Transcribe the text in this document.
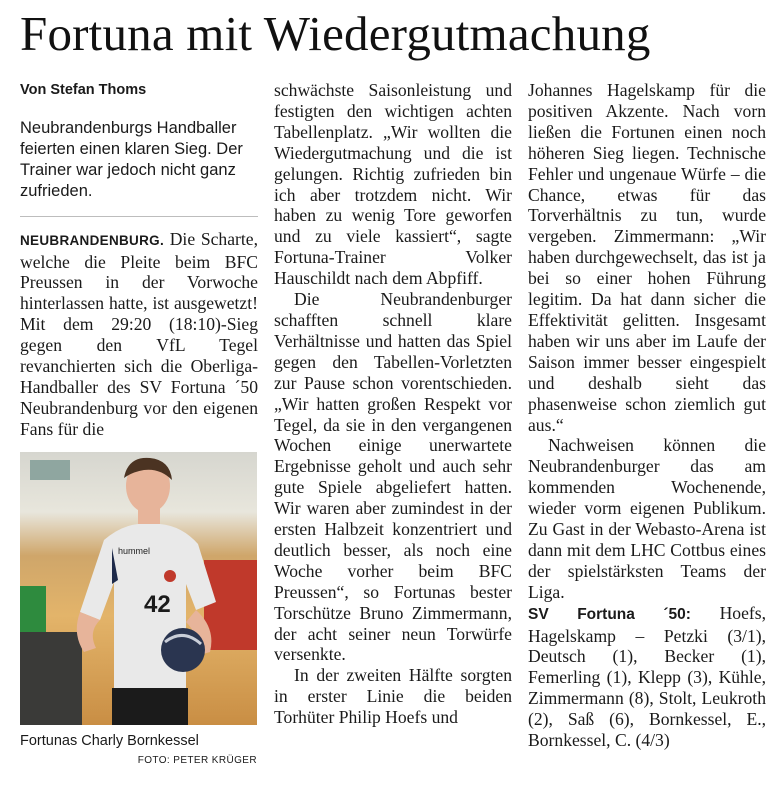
Fortuna mit Wiedergutmachung
Von Stefan Thoms
Neubrandenburgs Handballer feierten einen klaren Sieg. Der Trainer war jedoch nicht ganz zufrieden.

NEUBRANDENBURG. Die Scharte, welche die Pleite beim BFC Preussen in der Vorwoche hinterlassen hatte, ist ausgewetzt! Mit dem 29:20 (18:10)-Sieg gegen den VfL Tegel revanchierten sich die Oberliga-Handballer des SV Fortuna ´50 Neubrandenburg vor den eigenen Fans für die

hummel
42
Fortunas Charly Bornkessel
FOTO: PETER KRÜGER

schwächste Saisonleistung und festigten den wichtigen achten Tabellenplatz. „Wir wollten die Wiedergutmachung und die ist gelungen. Richtig zufrieden bin ich aber trotzdem nicht. Wir haben zu wenig Tore geworfen und zu viele kassiert“, sagte Fortuna-Trainer Volker Hauschildt nach dem Abpfiff.

Die Neubrandenburger schafften schnell klare Verhältnisse und hatten das Spiel gegen den Tabellen-Vorletzten zur Pause schon vorentschieden. „Wir hatten großen Respekt vor Tegel, da sie in den vergangenen Wochen einige unerwartete Ergebnisse geholt und auch sehr gute Spiele abgeliefert hatten. Wir waren aber zumindest in der ersten Halbzeit konzentriert und deutlich besser, als noch eine Woche vorher beim BFC Preussen“, so Fortunas bester Torschütze Bruno Zimmermann, der acht seiner neun Torwürfe versenkte.

In der zweiten Hälfte sorgten in erster Linie die beiden Torhüter Philip Hoefs und

Johannes Hagelskamp für die positiven Akzente. Nach vorn ließen die Fortunen einen noch höheren Sieg liegen. Technische Fehler und ungenaue Würfe – die Chance, etwas für das Torverhältnis zu tun, wurde vergeben. Zimmermann: „Wir haben durchgewechselt, das ist ja bei so einer hohen Führung legitim. Da hat dann sicher die Effektivität gelitten. Insgesamt haben wir uns aber im Laufe der Saison immer besser eingespielt und deshalb sieht das phasenweise schon ziemlich gut aus.“

Nachweisen können die Neubrandenburger das am kommenden Wochenende, wieder vorm eigenen Publikum. Zu Gast in der Webasto-Arena ist dann mit dem LHC Cottbus eines der spielstärksten Teams der Liga.

SV Fortuna ´50: Hoefs, Hagelskamp – Petzki (3/1), Deutsch (1), Becker (1), Femerling (1), Klepp (3), Kühle, Zimmermann (8), Stolt, Leukroth (2), Saß (6), Bornkessel, E., Bornkessel, C. (4/3)
